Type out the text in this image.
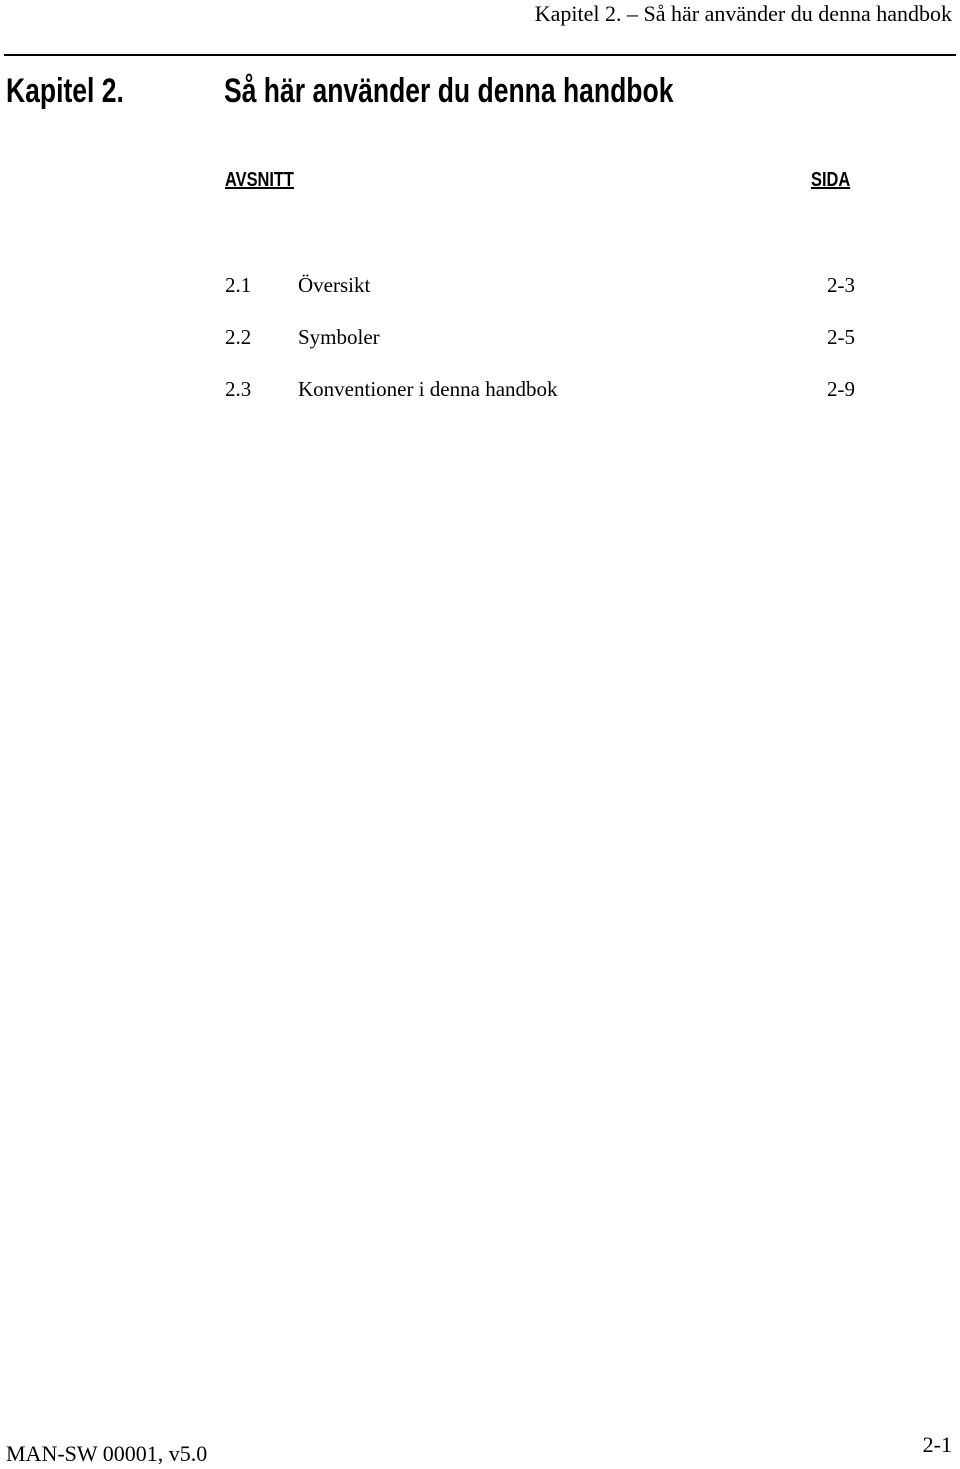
Kapitel 2. – Så här använder du denna handbok
Kapitel 2.	Så här använder du denna handbok
AVSNITT	SIDA
2.1 Översikt	2-3
2.2 Symboler	2-5
2.3 Konventioner i denna handbok	2-9
MAN-SW 00001, v5.0	2-1
